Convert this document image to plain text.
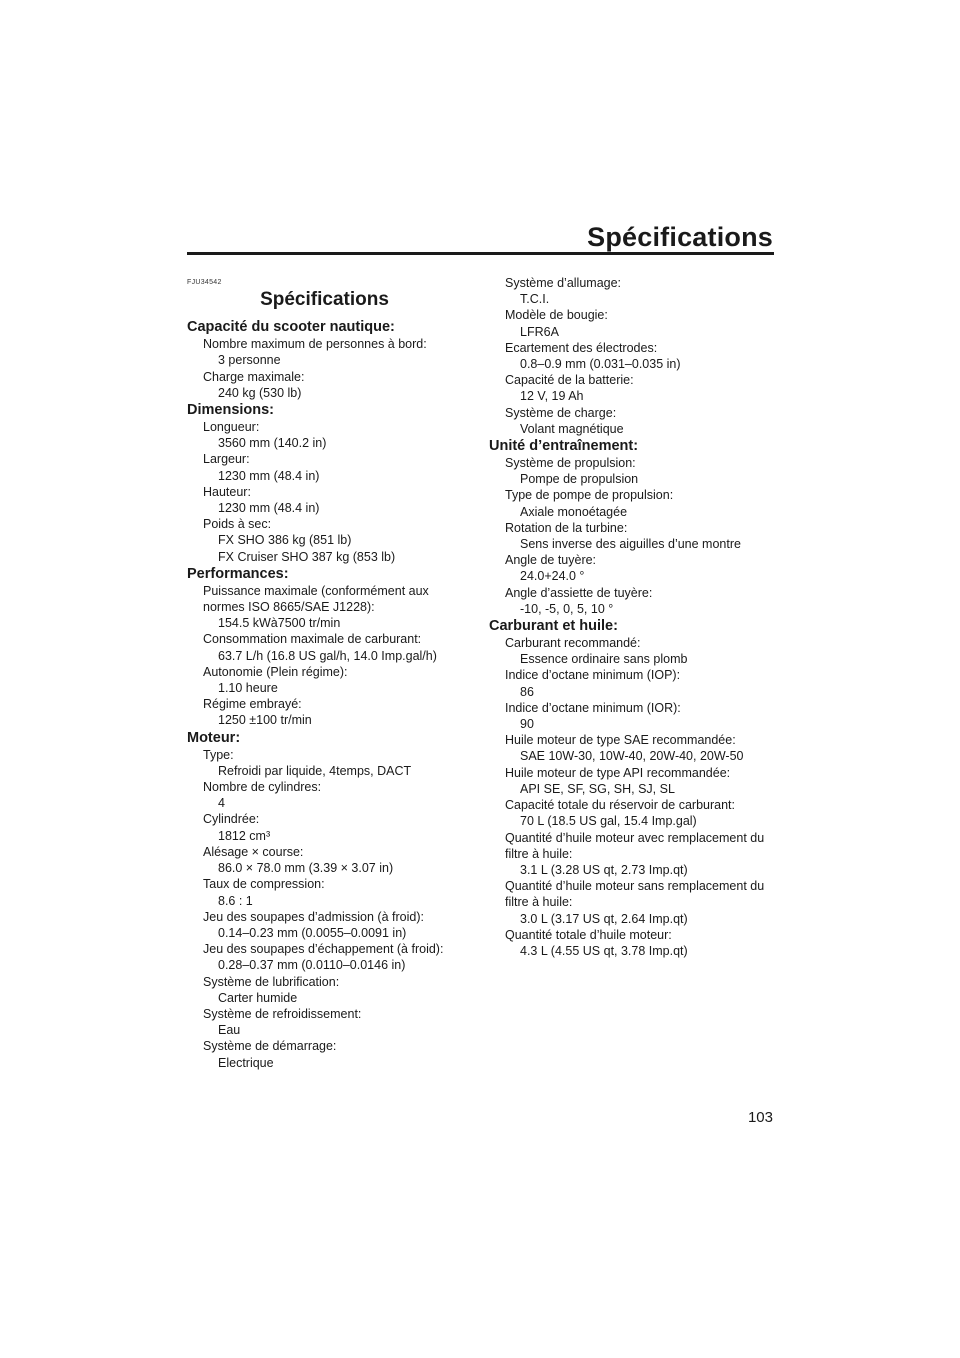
Spécifications
FJU34542
Spécifications
Capacité du scooter nautique:
Nombre maximum de personnes à bord:
3 personne
Charge maximale:
240 kg (530 lb)
Dimensions:
Longueur:
3560 mm (140.2 in)
Largeur:
1230 mm (48.4 in)
Hauteur:
1230 mm (48.4 in)
Poids à sec:
FX SHO 386 kg (851 lb)
FX Cruiser SHO 387 kg (853 lb)
Performances:
Puissance maximale (conformément aux normes ISO 8665/SAE J1228):
154.5 kWà7500 tr/min
Consommation maximale de carburant:
63.7 L/h (16.8 US gal/h, 14.0 Imp.gal/h)
Autonomie (Plein régime):
1.10 heure
Régime embrayé:
1250 ±100 tr/min
Moteur:
Type:
Refroidi par liquide, 4temps, DACT
Nombre de cylindres:
4
Cylindrée:
1812 cm³
Alésage × course:
86.0 × 78.0 mm (3.39 × 3.07 in)
Taux de compression:
8.6 : 1
Jeu des soupapes d’admission (à froid):
0.14–0.23 mm (0.0055–0.0091 in)
Jeu des soupapes d’échappement (à froid):
0.28–0.37 mm (0.0110–0.0146 in)
Système de lubrification:
Carter humide
Système de refroidissement:
Eau
Système de démarrage:
Electrique
Système d’allumage:
T.C.I.
Modèle de bougie:
LFR6A
Ecartement des électrodes:
0.8–0.9 mm (0.031–0.035 in)
Capacité de la batterie:
12 V, 19 Ah
Système de charge:
Volant magnétique
Unité d’entraînement:
Système de propulsion:
Pompe de propulsion
Type de pompe de propulsion:
Axiale monoétagée
Rotation de la turbine:
Sens inverse des aiguilles d’une montre
Angle de tuyère:
24.0+24.0 °
Angle d’assiette de tuyère:
-10, -5, 0, 5, 10 °
Carburant et huile:
Carburant recommandé:
Essence ordinaire sans plomb
Indice d’octane minimum (IOP):
86
Indice d’octane minimum (IOR):
90
Huile moteur de type SAE recommandée:
SAE 10W-30, 10W-40, 20W-40, 20W-50
Huile moteur de type API recommandée:
API SE, SF, SG, SH, SJ, SL
Capacité totale du réservoir de carburant:
70 L (18.5 US gal, 15.4 Imp.gal)
Quantité d’huile moteur avec remplacement du filtre à huile:
3.1 L (3.28 US qt, 2.73 Imp.qt)
Quantité d’huile moteur sans remplacement du filtre à huile:
3.0 L (3.17 US qt, 2.64 Imp.qt)
Quantité totale d’huile moteur:
4.3 L (4.55 US qt, 3.78 Imp.qt)
103
